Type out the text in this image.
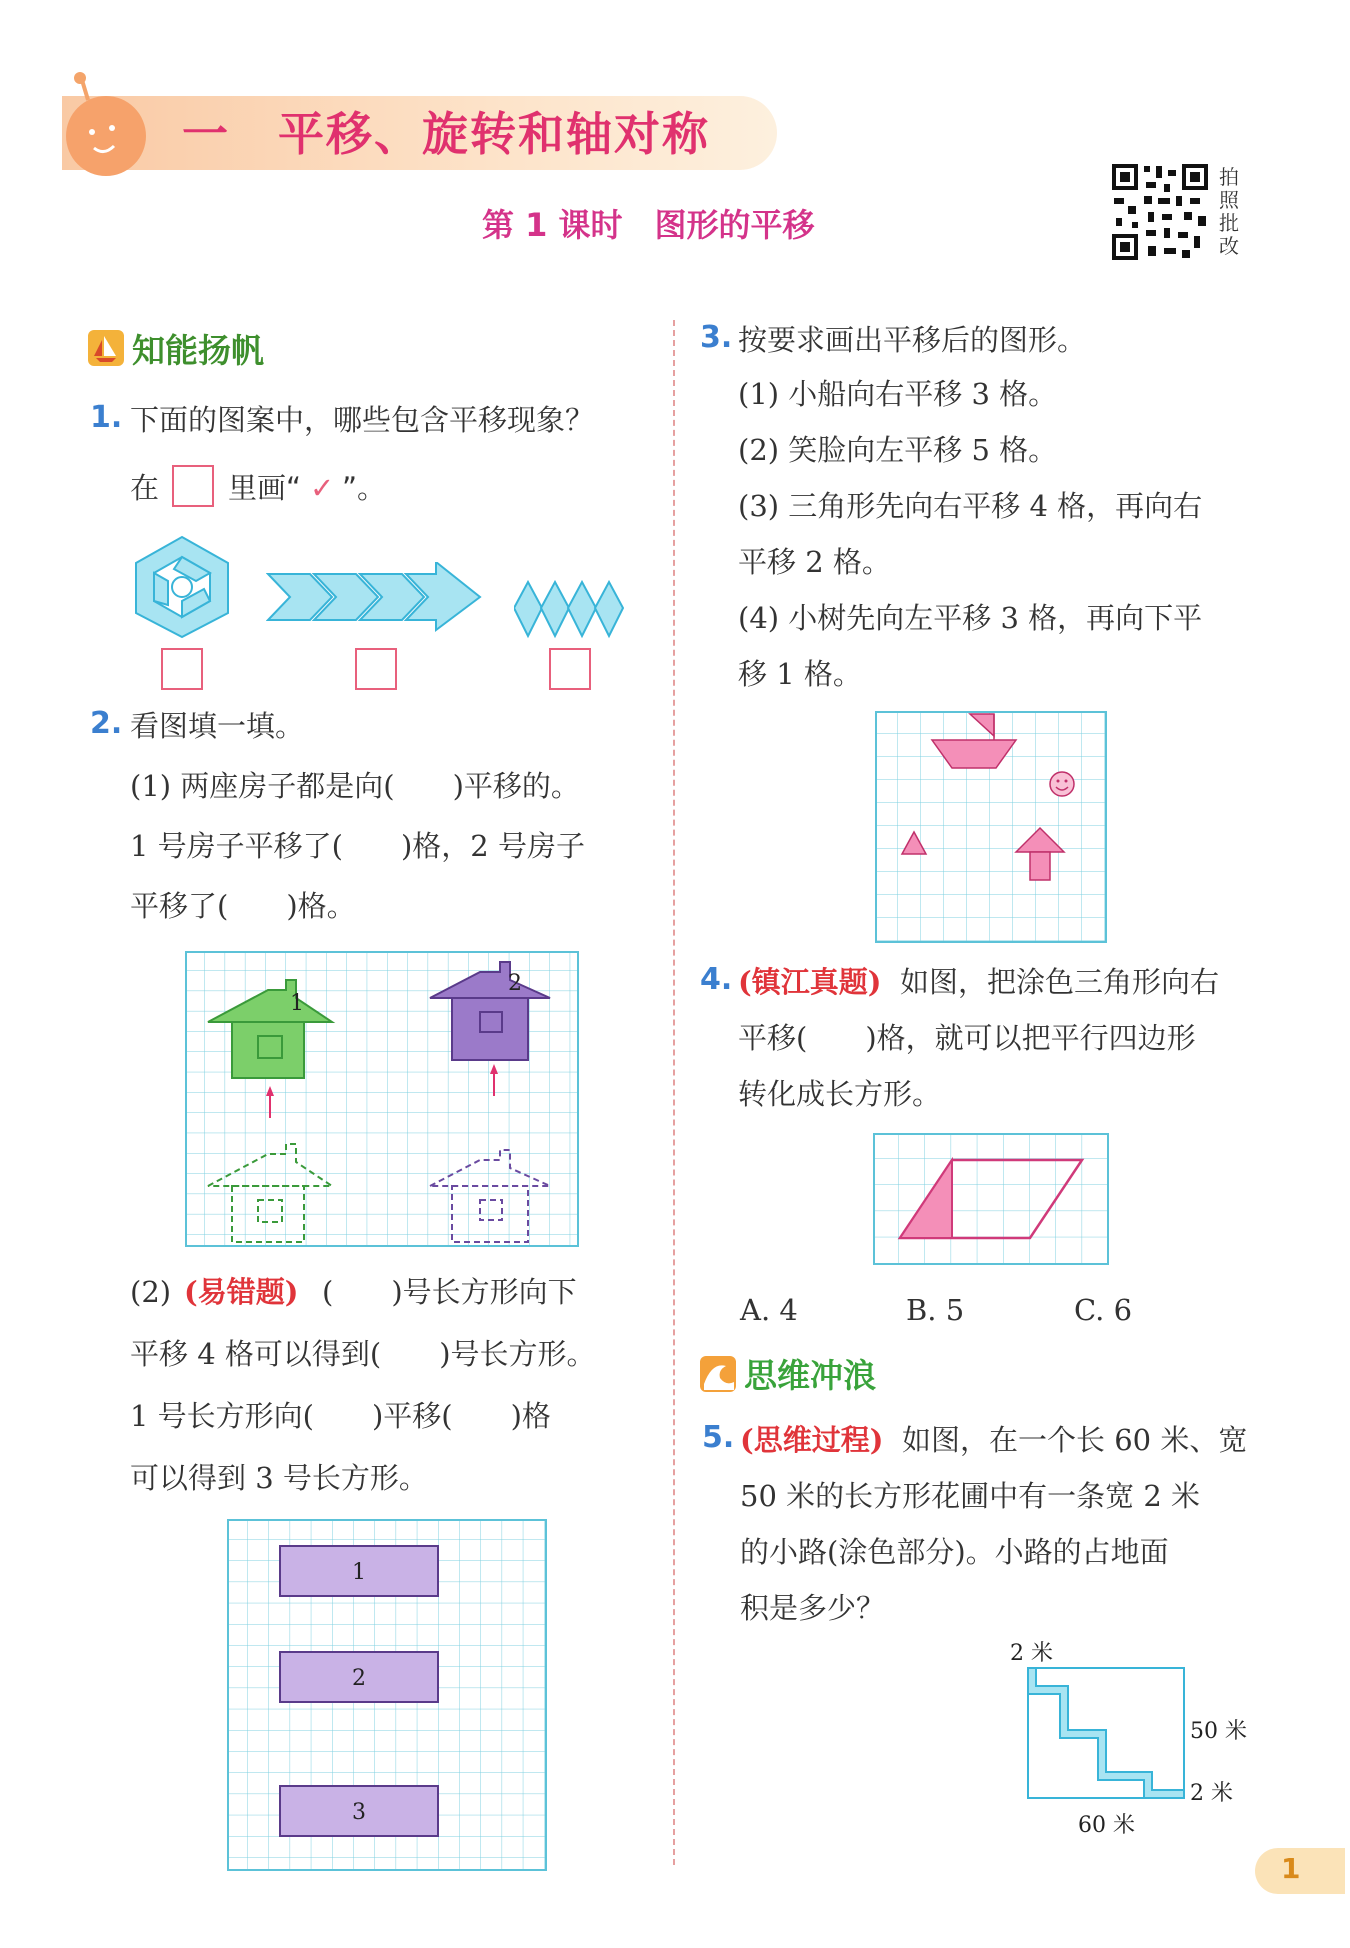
一　平移、旋转和轴对称
第 1 课时　图形的平移
拍
照
批
改
知能扬帆
1. 下面的图案中，哪些包含平移现象？
在 里画“ ✓ ”。
2. 看图填一填。
(1) 两座房子都是向(　　)平移的。
1 号房子平移了(　　)格，2 号房子
平移了(　　)格。
1
2
(2) (易错题) (　　)号长方形向下
平移 4 格可以得到(　　)号长方形。
1 号长方形向(　　)平移(　　)格
可以得到 3 号长方形。
1
2
3
3. 按要求画出平移后的图形。
(1) 小船向右平移 3 格。
(2) 笑脸向左平移 5 格。
(3) 三角形先向右平移 4 格，再向右
平移 2 格。
(4) 小树先向左平移 3 格，再向下平
移 1 格。
4. (镇江真题) 如图，把涂色三角形向右
平移(　　)格，就可以把平行四边形
转化成长方形。
A. 4	B. 5	C. 6
思维冲浪
5. (思维过程) 如图，在一个长 60 米、宽
50 米的长方形花圃中有一条宽 2 米
的小路(涂色部分)。小路的占地面
积是多少？
2 米
50 米
2 米
60 米
1
